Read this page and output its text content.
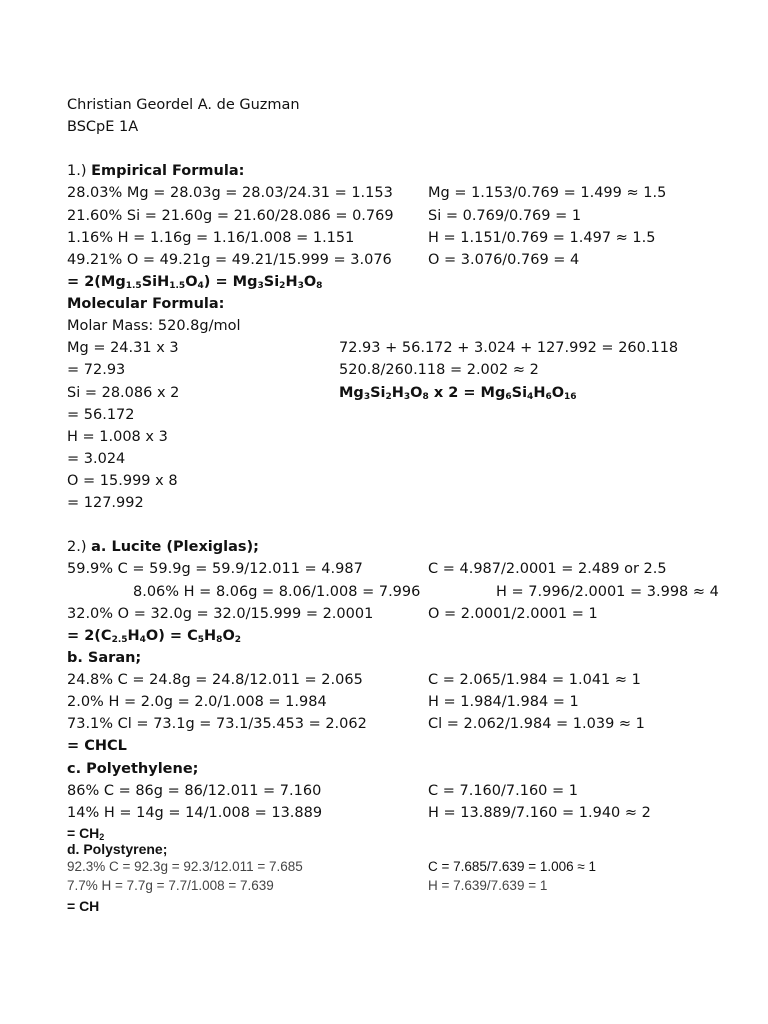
Christian Geordel A. de Guzman
BSCpE 1A
1.) Empirical Formula:
28.03% Mg = 28.03g = 28.03/24.31 = 1.153
21.60% Si = 21.60g = 21.60/28.086 = 0.769
1.16% H = 1.16g = 1.16/1.008 = 1.151
49.21% O = 49.21g = 49.21/15.999 = 3.076
Mg = 1.153/0.769 = 1.499 ≈ 1.5
Si = 0.769/0.769 = 1
H = 1.151/0.769 = 1.497 ≈ 1.5
O = 3.076/0.769 = 4
= $2(Mg_{1.5}SiH_{1.5}O_4) = Mg_3Si_2H_3O_8$
Molecular Formula:
Molar Mass: 520.8g/mol
Mg = 24.31 x 3
= 72.93
Si = 28.086 x 2
= 56.172
H = 1.008 x 3
= 3.024
O = 15.999 x 8
= 127.992
72.93 + 56.172 + 3.024 + 127.992 = 260.118
520.8/260.118 = 2.002 ≈ 2
$Mg_3Si_2H_3O_8$ x $2 = Mg_6Si_4H_6O_{16}$
2.) a. Lucite (Plexiglas);
59.9% C = 59.9g = 59.9/12.011 = 4.987
8.06% H = 8.06g = 8.06/1.008 = 7.996
32.0% O = 32.0g = 32.0/15.999 = 2.0001
C = 4.987/2.0001 = 2.489 or 2.5
H = 7.996/2.0001 = 3.998 ≈ 4
O = 2.0001/2.0001 = 1
= $2(C_{2.5}H_4O) = C_5H_8O_2$
b. Saran;
24.8% C = 24.8g = 24.8/12.011 = 2.065
2.0% H = 2.0g = 2.0/1.008 = 1.984
73.1% Cl = 73.1g = 73.1/35.453 = 2.062
C = 2.065/1.984 = 1.041 ≈ 1
H = 1.984/1.984 = 1
Cl = 2.062/1.984 = 1.039 ≈ 1
= CHCL
c. Polyethylene;
86% C = 86g = 86/12.011 = 7.160
14% H = 14g = 14/1.008 = 13.889
C = 7.160/7.160 = 1
H = 13.889/7.160 = 1.940 ≈ 2
= $CH_2$
d. Polystyrene;
92.3% C = 92.3g = 92.3/12.011 = 7.685
7.7% H = 7.7g = 7.7/1.008 = 7.639
C = 7.685/7.639 = 1.006 ≈ 1
H = 7.639/7.639 = 1
= CH
